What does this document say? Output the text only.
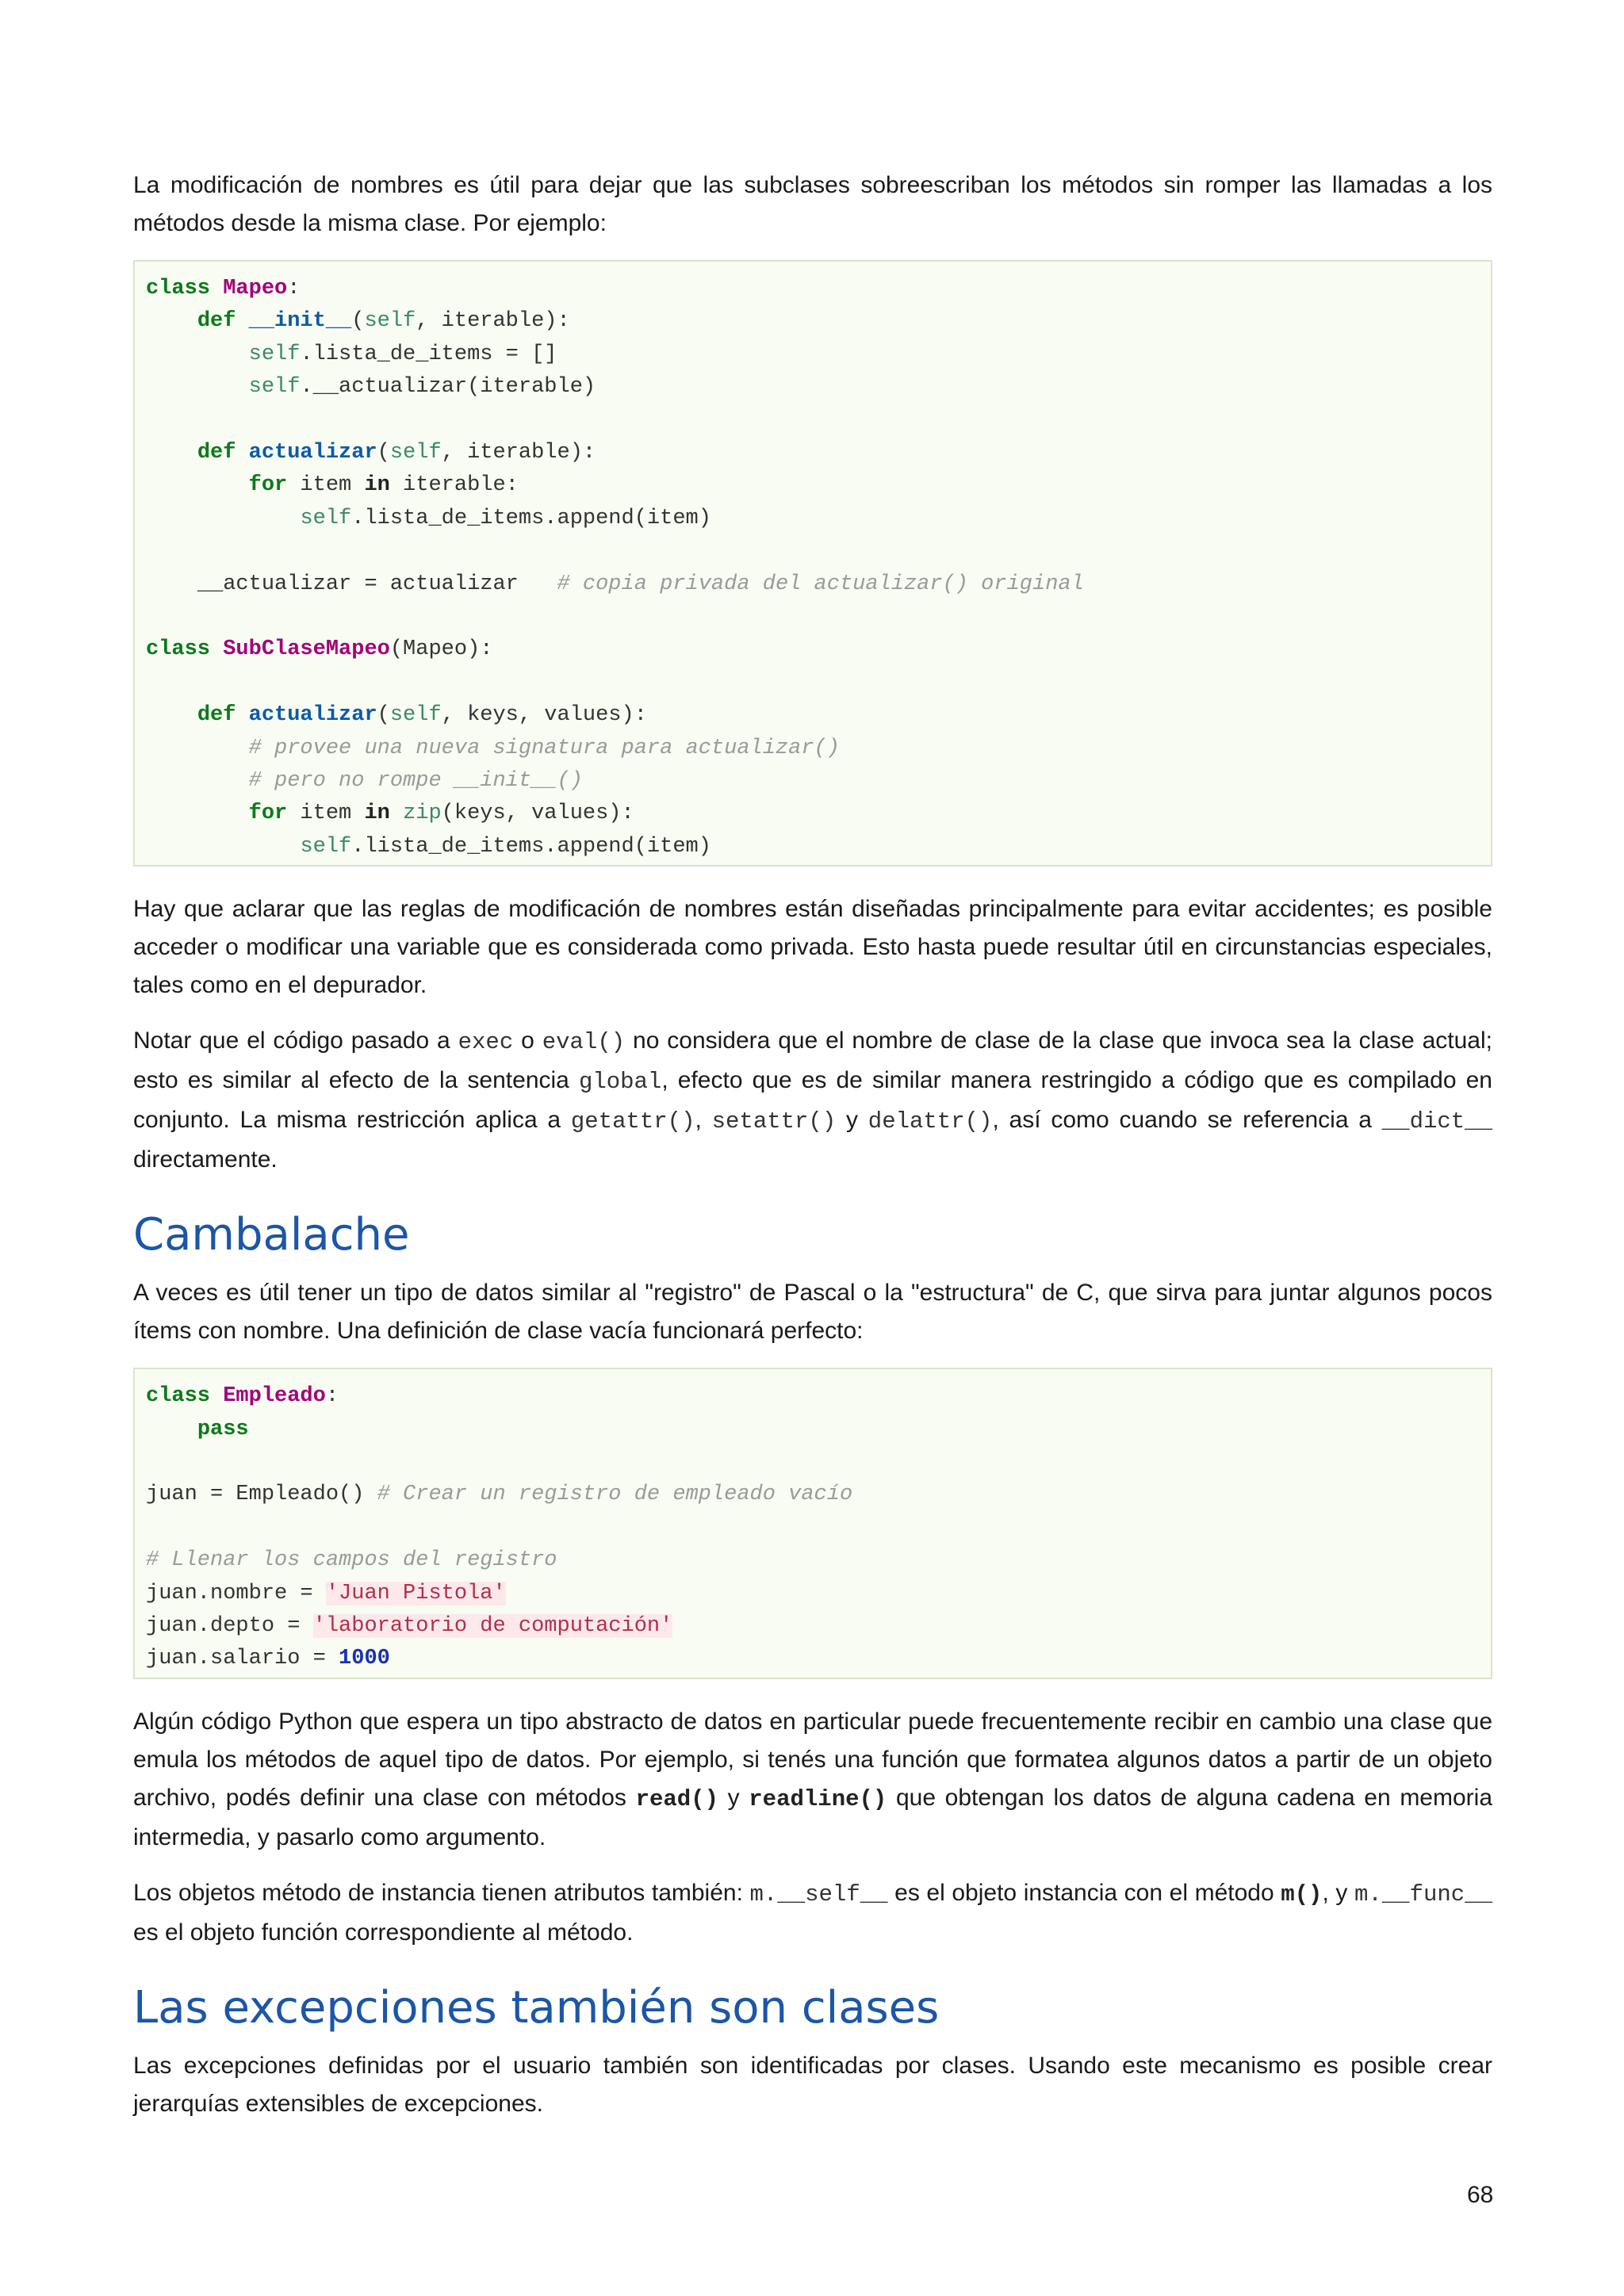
La modificación de nombres es útil para dejar que las subclases sobreescriban los métodos sin romper las llamadas a los métodos desde la misma clase. Por ejemplo:

class Mapeo:
def __init__(self, iterable):
self.lista_de_items = []
self.__actualizar(iterable)
def actualizar(self, iterable):
for item in iterable:
self.lista_de_items.append(item)
__actualizar = actualizar # copia privada del actualizar() original
class SubClaseMapeo(Mapeo):
def actualizar(self, keys, values):
# provee una nueva signatura para actualizar()
# pero no rompe __init__()
for item in zip(keys, values):
self.lista_de_items.append(item)

Hay que aclarar que las reglas de modificación de nombres están diseñadas principalmente para evitar accidentes; es posible acceder o modificar una variable que es considerada como privada. Esto hasta puede resultar útil en circunstancias especiales, tales como en el depurador.

Notar que el código pasado a exec o eval() no considera que el nombre de clase de la clase que invoca sea la clase actual; esto es similar al efecto de la sentencia global, efecto que es de similar manera restringido a código que es compilado en conjunto. La misma restricción aplica a getattr(), setattr() y delattr(), así como cuando se referencia a __dict__ directamente.

Cambalache

A veces es útil tener un tipo de datos similar al "registro" de Pascal o la "estructura" de C, que sirva para juntar algunos pocos ítems con nombre. Una definición de clase vacía funcionará perfecto:

class Empleado:
pass
juan = Empleado() # Crear un registro de empleado vacío
# Llenar los campos del registro
juan.nombre = 'Juan Pistola'
juan.depto = 'laboratorio de computación'
juan.salario = 1000

Algún código Python que espera un tipo abstracto de datos en particular puede frecuentemente recibir en cambio una clase que emula los métodos de aquel tipo de datos. Por ejemplo, si tenés una función que formatea algunos datos a partir de un objeto archivo, podés definir una clase con métodos read() y readline() que obtengan los datos de alguna cadena en memoria intermedia, y pasarlo como argumento.

Los objetos método de instancia tienen atributos también: m.__self__ es el objeto instancia con el método m(), y m.__func__ es el objeto función correspondiente al método.

Las excepciones también son clases

Las excepciones definidas por el usuario también son identificadas por clases. Usando este mecanismo es posible crear jerarquías extensibles de excepciones.

68
